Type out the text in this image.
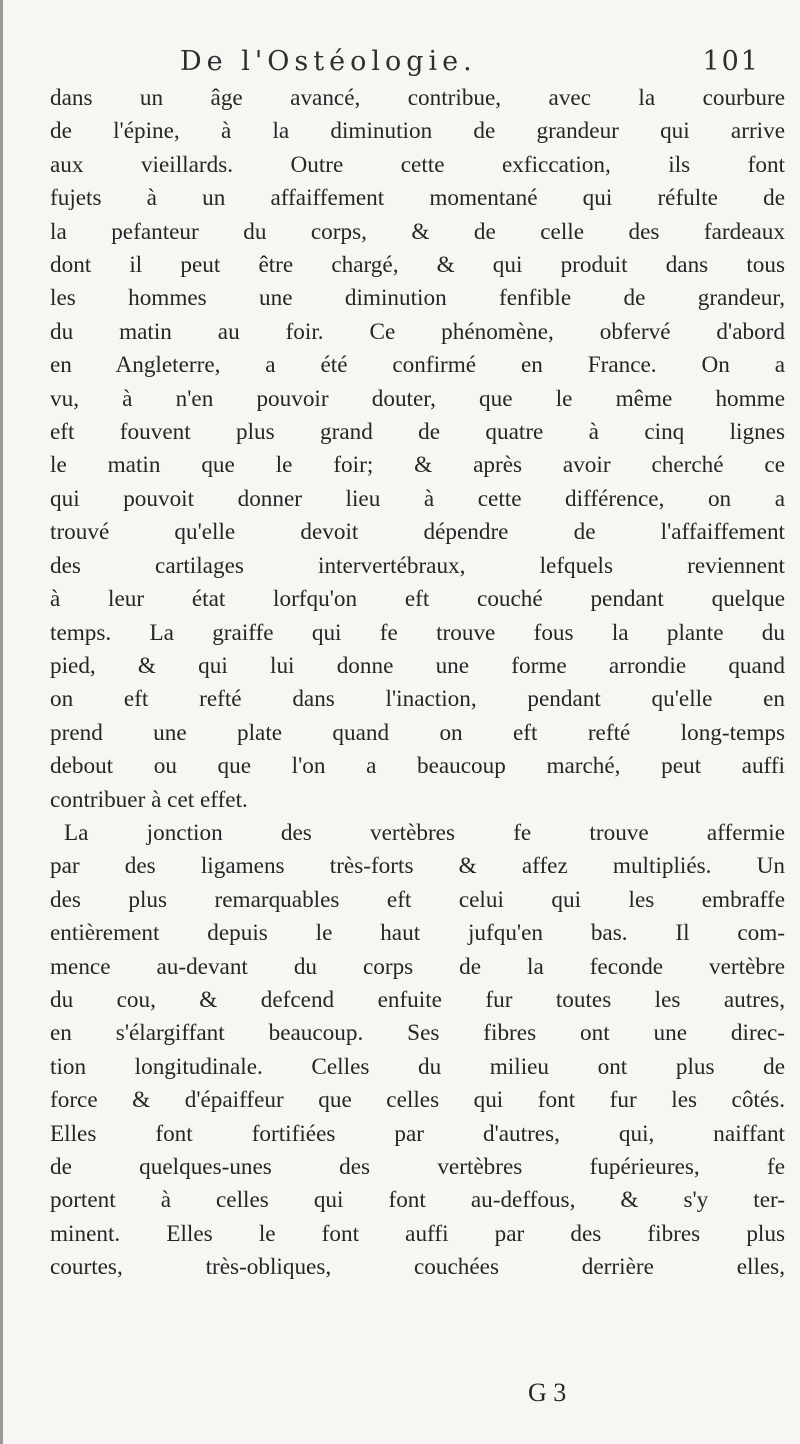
De l'Ostéologie.	101
dans un âge avancé, contribue, avec la courbure
de l'épine, à la diminution de grandeur qui arrive
aux vieillards. Outre cette exficcation, ils font
fujets à un affaiffement momentané qui réfulte de
la pefanteur du corps, & de celle des fardeaux
dont il peut être chargé, & qui produit dans tous
les hommes une diminution fenfible de grandeur,
du matin au foir. Ce phénomène, obfervé d'abord
en Angleterre, a été confirmé en France. On a
vu, à n'en pouvoir douter, que le même homme
eft fouvent plus grand de quatre à cinq lignes
le matin que le foir; & après avoir cherché ce
qui pouvoit donner lieu à cette différence, on a
trouvé qu'elle devoit dépendre de l'affaiffement
des cartilages intervertébraux, lefquels reviennent
à leur état lorfqu'on eft couché pendant quelque
temps. La graiffe qui fe trouve fous la plante du
pied, & qui lui donne une forme arrondie quand
on eft refté dans l'inaction, pendant qu'elle en
prend une plate quand on eft refté long-temps
debout ou que l'on a beaucoup marché, peut auffi
contribuer à cet effet.
La jonction des vertèbres fe trouve affermie
par des ligamens très-forts & affez multipliés. Un
des plus remarquables eft celui qui les embraffe
entièrement depuis le haut jufqu'en bas. Il com-
mence au-devant du corps de la feconde vertèbre
du cou, & defcend enfuite fur toutes les autres,
en s'élargiffant beaucoup. Ses fibres ont une direc-
tion longitudinale. Celles du milieu ont plus de
force & d'épaiffeur que celles qui font fur les côtés.
Elles font fortifiées par d'autres, qui, naiffant
de quelques-unes des vertèbres fupérieures, fe
portent à celles qui font au-deffous, & s'y ter-
minent. Elles le font auffi par des fibres plus
courtes, très-obliques, couchées derrière elles,
G 3
